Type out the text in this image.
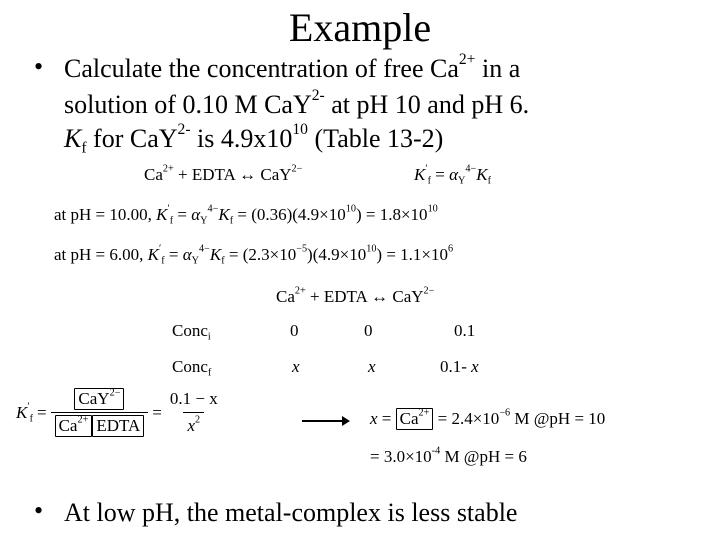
Example
• Calculate the concentration of free $Ca^{2+}$ in a
solution of 0.10 M CaY$^{2-}$ at pH 10 and pH 6.
$K_f$ for CaY$^{2-}$ is $4.9x10^{10}$ (Table 13-2)
$Ca^{2+}$ + EDTA ↔ CaY$^{2-}$	$K'_f = \alpha_Y^{4-}K_f$
at pH = 10.00, $K'_f = \alpha_Y^{4-}K_f = (0.36)(4.9\times 10^{10}) = 1.8\times 10^{10}$
at pH = 6.00, $K'_f = \alpha_Y^{4-}K_f = (2.3\times 10^{-5})(4.9\times 10^{10}) = 1.1\times 10^6$
$Ca^{2+}$ + EDTA ↔ CaY$^{2-}$
Conc$_i$	0	0	0.1
Conc$_f$	x	x	0.1- x
$K'_f = \frac{CaY^{2-}}{Ca^{2+} EDTA} = \frac{0.1 - x}{x^2}$	$x = Ca^{2+} = 2.4\times 10^{-6}$ M @pH = 10
= $3.0\times 10^{-4}$ M @pH = 6
• At low pH, the metal-complex is less stable
